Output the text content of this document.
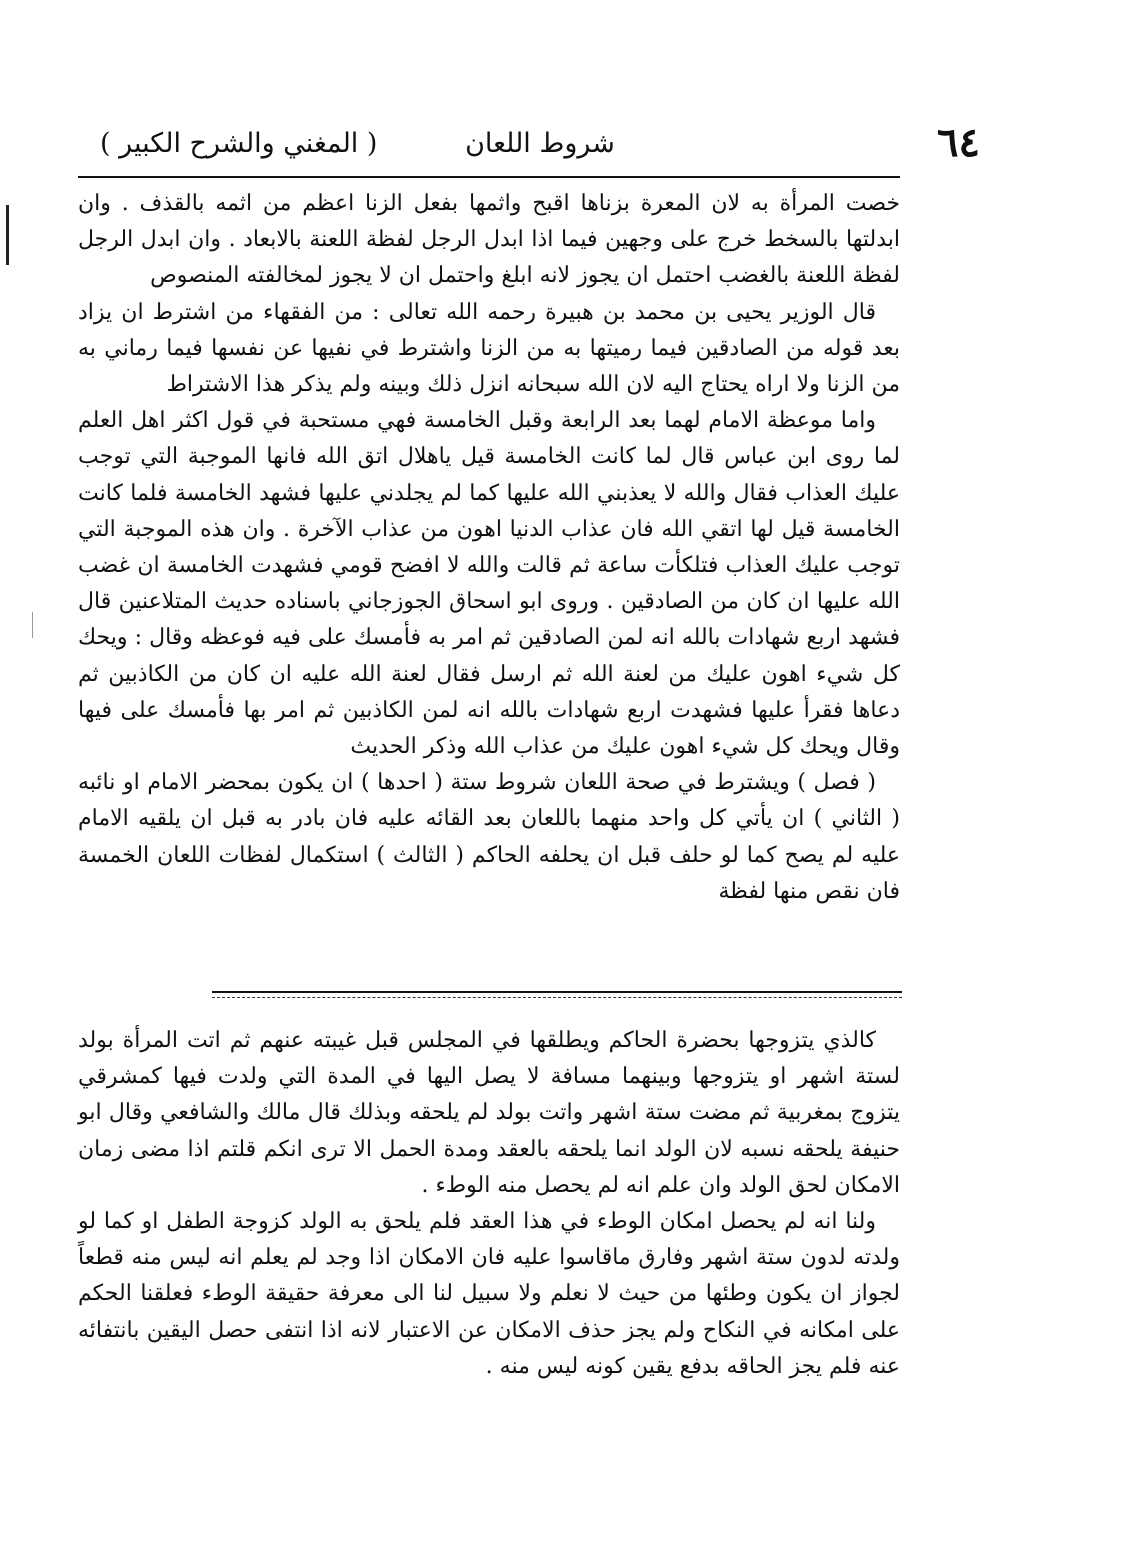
٦٤
شروط اللعان
( المغني والشرح الكبير )

خصت المرأة به لان المعرة بزناها اقبح واثمها بفعل الزنا اعظم من اثمه بالقذف . وان ابدلتها بالسخط خرج على وجهين فيما اذا ابدل الرجل لفظة اللعنة بالابعاد . وان ابدل الرجل لفظة اللعنة بالغضب احتمل ان يجوز لانه ابلغ واحتمل ان لا يجوز لمخالفته المنصوص

قال الوزير يحيى بن محمد بن هبيرة رحمه الله تعالى : من الفقهاء من اشترط ان يزاد بعد قوله من الصادقين فيما رميتها به من الزنا واشترط في نفيها عن نفسها فيما رماني به من الزنا ولا اراه يحتاج اليه لان الله سبحانه انزل ذلك وبينه ولم يذكر هذا الاشتراط

واما موعظة الامام لهما بعد الرابعة وقبل الخامسة فهي مستحبة في قول اكثر اهل العلم لما روى ابن عباس قال لما كانت الخامسة قيل ياهلال اتق الله فانها الموجبة التي توجب عليك العذاب فقال والله لا يعذبني الله عليها كما لم يجلدني عليها فشهد الخامسة فلما كانت الخامسة قيل لها اتقي الله فان عذاب الدنيا اهون من عذاب الآخرة . وان هذه الموجبة التي توجب عليك العذاب فتلكأت ساعة ثم قالت والله لا افضح قومي فشهدت الخامسة ان غضب الله عليها ان كان من الصادقين . وروى ابو اسحاق الجوزجاني باسناده حديث المتلاعنين قال فشهد اربع شهادات بالله انه لمن الصادقين ثم امر به فأمسك على فيه فوعظه وقال : ويحك كل شيء اهون عليك من لعنة الله ثم ارسل فقال لعنة الله عليه ان كان من الكاذبين ثم دعاها فقرأ عليها فشهدت اربع شهادات بالله انه لمن الكاذبين ثم امر بها فأمسك على فيها وقال ويحك كل شيء اهون عليك من عذاب الله وذكر الحديث

( فصل ) ويشترط في صحة اللعان شروط ستة ( احدها ) ان يكون بمحضر الامام او نائبه ( الثاني ) ان يأتي كل واحد منهما باللعان بعد القائه عليه فان بادر به قبل ان يلقيه الامام عليه لم يصح كما لو حلف قبل ان يحلفه الحاكم ( الثالث ) استكمال لفظات اللعان الخمسة فان نقص منها لفظة

كالذي يتزوجها بحضرة الحاكم ويطلقها في المجلس قبل غيبته عنهم ثم اتت المرأة بولد لستة اشهر او يتزوجها وبينهما مسافة لا يصل اليها في المدة التي ولدت فيها كمشرقي يتزوج بمغربية ثم مضت ستة اشهر واتت بولد لم يلحقه وبذلك قال مالك والشافعي وقال ابو حنيفة يلحقه نسبه لان الولد انما يلحقه بالعقد ومدة الحمل الا ترى انكم قلتم اذا مضى زمان الامكان لحق الولد وان علم انه لم يحصل منه الوطء .

ولنا انه لم يحصل امكان الوطء في هذا العقد فلم يلحق به الولد كزوجة الطفل او كما لو ولدته لدون ستة اشهر وفارق ماقاسوا عليه فان الامكان اذا وجد لم يعلم انه ليس منه قطعاً لجواز ان يكون وطئها من حيث لا نعلم ولا سبيل لنا الى معرفة حقيقة الوطء فعلقنا الحكم على امكانه في النكاح ولم يجز حذف الامكان عن الاعتبار لانه اذا انتفى حصل اليقين بانتفائه عنه فلم يجز الحاقه بدفع يقين كونه ليس منه .
